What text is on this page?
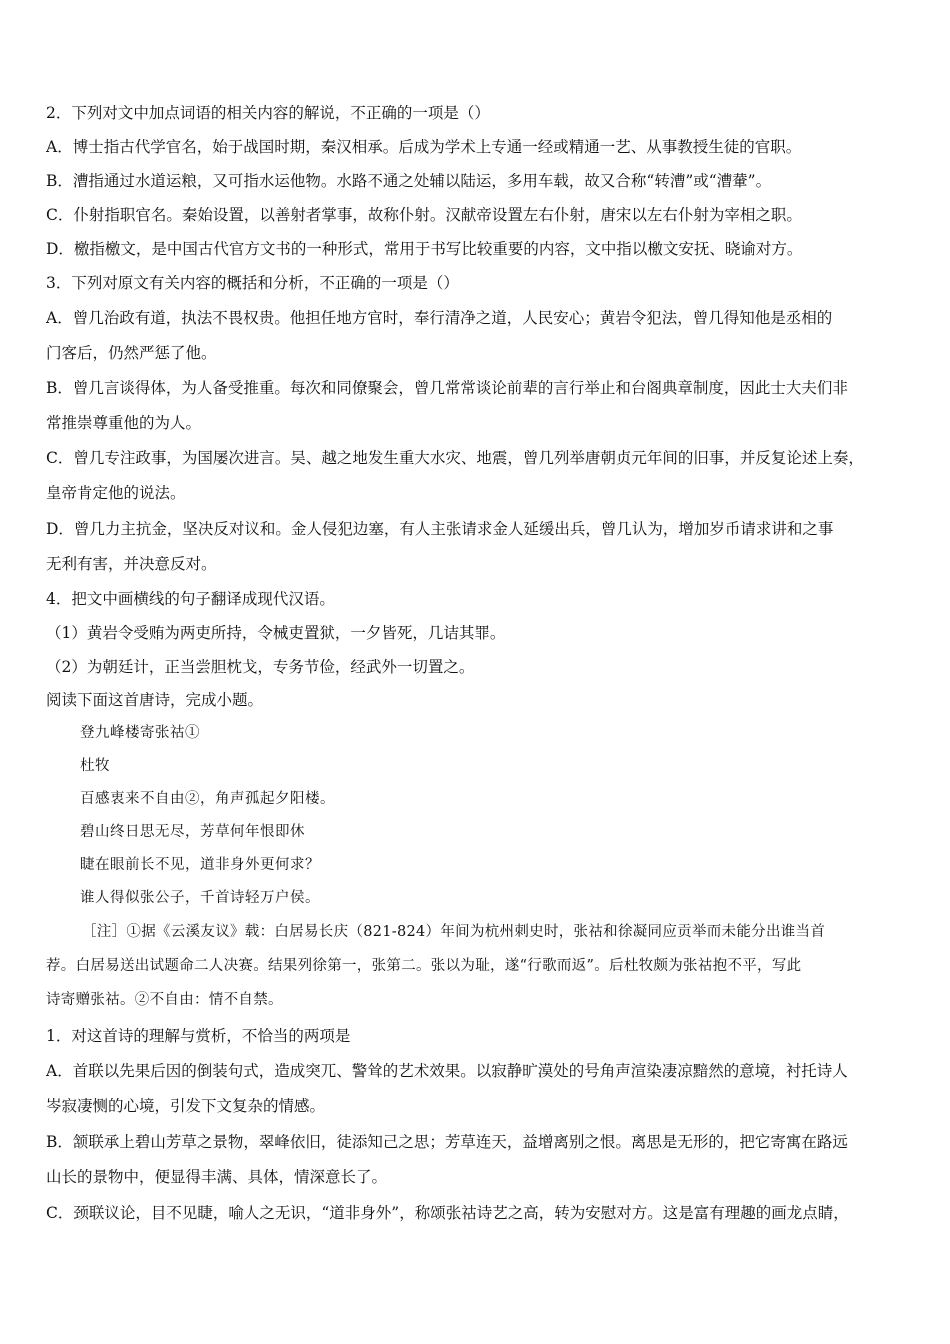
2．下列对文中加点词语的相关内容的解说，不正确的一项是（）
A．博士指古代学官名，始于战国时期，秦汉相承。后成为学术上专通一经或精通一艺、从事教授生徒的官职。
B．漕指通过水道运粮，又可指水运他物。水路不通之处辅以陆运，多用车载，故又合称“转漕”或“漕輂”。
C．仆射指职官名。秦始设置，以善射者掌事，故称仆射。汉献帝设置左右仆射，唐宋以左右仆射为宰相之职。
D．檄指檄文，是中国古代官方文书的一种形式，常用于书写比较重要的内容，文中指以檄文安抚、晓谕对方。
3．下列对原文有关内容的概括和分析，不正确的一项是（）
A．曾几治政有道，执法不畏权贵。他担任地方官时，奉行清净之道，人民安心；黄岩令犯法，曾几得知他是丞相的
门客后，仍然严惩了他。
B．曾几言谈得体，为人备受推重。每次和同僚聚会，曾几常常谈论前辈的言行举止和台阁典章制度，因此士大夫们非
常推崇尊重他的为人。
C．曾几专注政事，为国屡次进言。吴、越之地发生重大水灾、地震，曾几列举唐朝贞元年间的旧事，并反复论述上奏，
皇帝肯定他的说法。
D．曾几力主抗金，坚决反对议和。金人侵犯边塞，有人主张请求金人延缓出兵，曾几认为，增加岁币请求讲和之事
无利有害，并决意反对。
4．把文中画横线的句子翻译成现代汉语。
（1）黄岩令受贿为两吏所持，令械吏置狱，一夕皆死，几诘其罪。
（2）为朝廷计，正当尝胆枕戈，专务节俭，经武外一切置之。
阅读下面这首唐诗，完成小题。
登九峰楼寄张祜①
杜牧
百感衷来不自由②，角声孤起夕阳楼。
碧山终日思无尽，芳草何年恨即休
睫在眼前长不见，道非身外更何求？
谁人得似张公子，千首诗轻万户侯。
［注］①据《云溪友议》载：白居易长庆（821-824）年间为杭州刺史时，张祜和徐凝同应贡举而未能分出谁当首
荐。白居易送出试题命二人决赛。结果列徐第一，张第二。张以为耻，遂“行歌而返”。后杜牧颇为张祜抱不平，写此
诗寄赠张祜。②不自由：情不自禁。
1．对这首诗的理解与赏析，不恰当的两项是
A．首联以先果后因的倒装句式，造成突兀、警耸的艺术效果。以寂静旷漠处的号角声渲染凄凉黯然的意境，衬托诗人
岑寂凄恻的心境，引发下文复杂的情感。
B．颔联承上碧山芳草之景物，翠峰依旧，徒添知己之思；芳草连天，益增离别之恨。离思是无形的，把它寄寓在路远
山长的景物中，便显得丰满、具体，情深意长了。
C．颈联议论，目不见睫，喻人之无识，“道非身外”，称颂张祜诗艺之高，转为安慰对方。这是富有理趣的画龙点睛，
